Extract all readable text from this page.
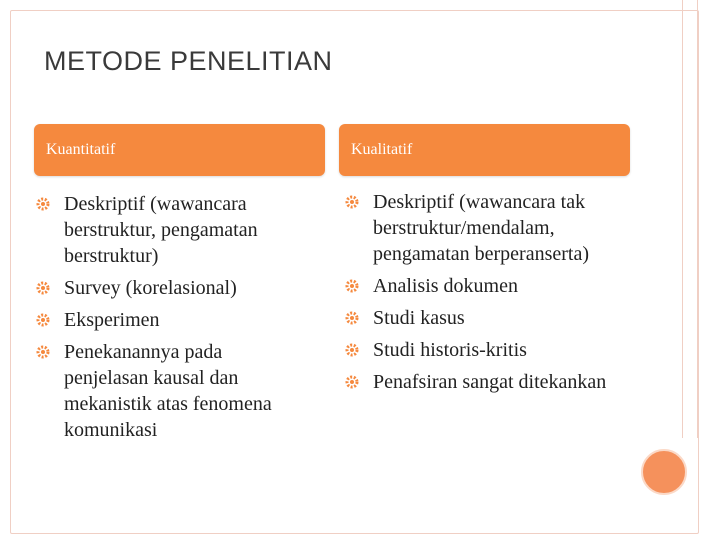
METODE PENELITIAN
Kuantitatif	Kualitatif
Deskriptif (wawancara berstruktur, pengamatan berstruktur)
Survey (korelasional)
Eksperimen
Penekanannya pada penjelasan kausal dan mekanistik atas fenomena komunikasi
Deskriptif (wawancara tak berstruktur/mendalam, pengamatan berperanserta)
Analisis dokumen
Studi kasus
Studi historis-kritis
Penafsiran sangat ditekankan
